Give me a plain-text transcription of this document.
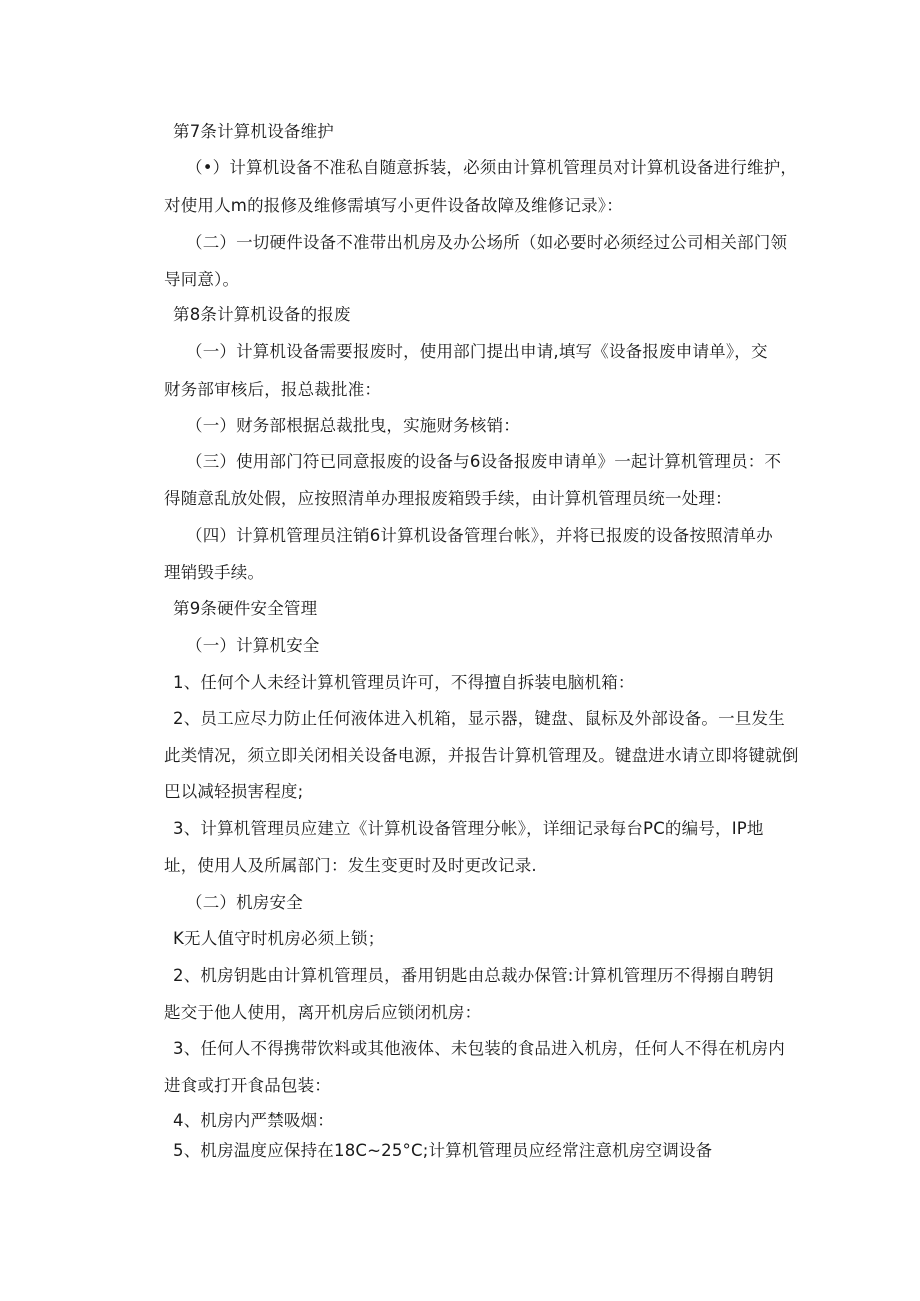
第7条计算机设备维护

（•）计算机设备不准私自随意拆装，必须由计算机管理员对计算机设备进行维护，

对使用人m的报修及维修需填写小更件设备故障及维修记录》：

（二）一切硬件设备不准带出机房及办公场所（如必要时必须经过公司相关部门领

导同意）。

第8条计算机设备的报废

（一）计算机设备需要报废时，使用部门提出申请,填写《设备报废申请单》，交

财务部审核后，报总裁批准：

（一）财务部根据总裁批曳，实施财务核销：

（三）使用部门符已同意报废的设备与6设备报废申请单》一起计算机管理员：不

得随意乱放处假，应按照清单办理报废箱毁手续，由计算机管理员统一处理：

（四）计算机管理员注销6计算机设备管理台帐》，并将已报废的设备按照清单办

理销毁手续。

第9条硬件安全管理

（一）计算机安全

1、任何个人未经计算机管理员许可，不得擅自拆装电脑机箱：

2、员工应尽力防止任何液体进入机箱，显示器，键盘、鼠标及外部设备。一旦发生

此类情况，须立即关闭相关设备电源，并报告计算机管理及。键盘进水请立即将键就倒

巴以减轻损害程度;

3、计算机管理员应建立《计算机设备管理分帐》，详细记录每台PC的编号，IP地

址，使用人及所属部门：发生变更时及时更改记录.

（二）机房安全

K无人值守时机房必须上锁；

2、机房钥匙由计算机管理员，番用钥匙由总裁办保管:计算机管理历不得搦自聘钥

匙交于他人使用，离开机房后应锁闭机房：

3、任何人不得携带饮料或其他液体、未包装的食品进入机房，任何人不得在机房内

进食或打开食品包装：

4、机房内严禁吸烟：

5、机房温度应保持在18C~25°C;计算机管理员应经常注意机房空调设备
